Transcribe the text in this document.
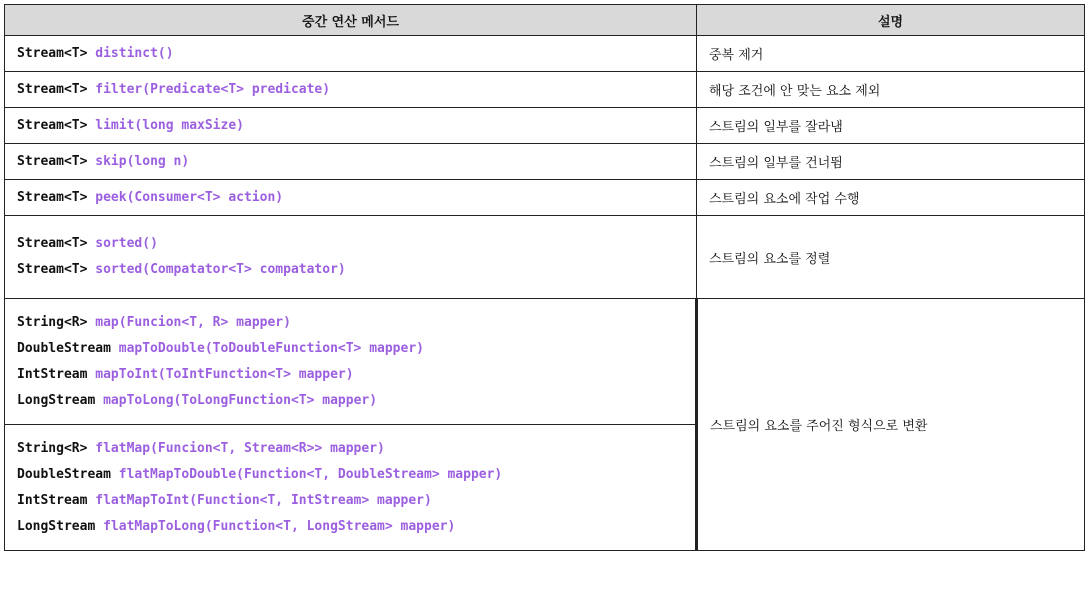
중간 연산 메서드	설명
Stream<T> distinct()	중복 제거
Stream<T> filter(Predicate<T> predicate)	해당 조건에 안 맞는 요소 제외
Stream<T> limit(long maxSize)	스트림의 일부를 잘라냄
Stream<T> skip(long n)	스트림의 일부를 건너뜀
Stream<T> peek(Consumer<T> action)	스트림의 요소에 작업 수행

Stream<T> sorted()
Stream<T> sorted(Compatator<T> compatator)	스트림의 요소를 정렬

String<R> map(Funcion<T, R> mapper)
DoubleStream mapToDouble(ToDoubleFunction<T> mapper)
IntStream mapToInt(ToIntFunction<T> mapper)
LongStream mapToLong(ToLongFunction<T> mapper)	스트림의 요소를 주어진 형식으로 변환

String<R> flatMap(Funcion<T, Stream<R>> mapper)
DoubleStream flatMapToDouble(Function<T, DoubleStream> mapper)
IntStream flatMapToInt(Function<T, IntStream> mapper)
LongStream flatMapToLong(Function<T, LongStream> mapper)	
